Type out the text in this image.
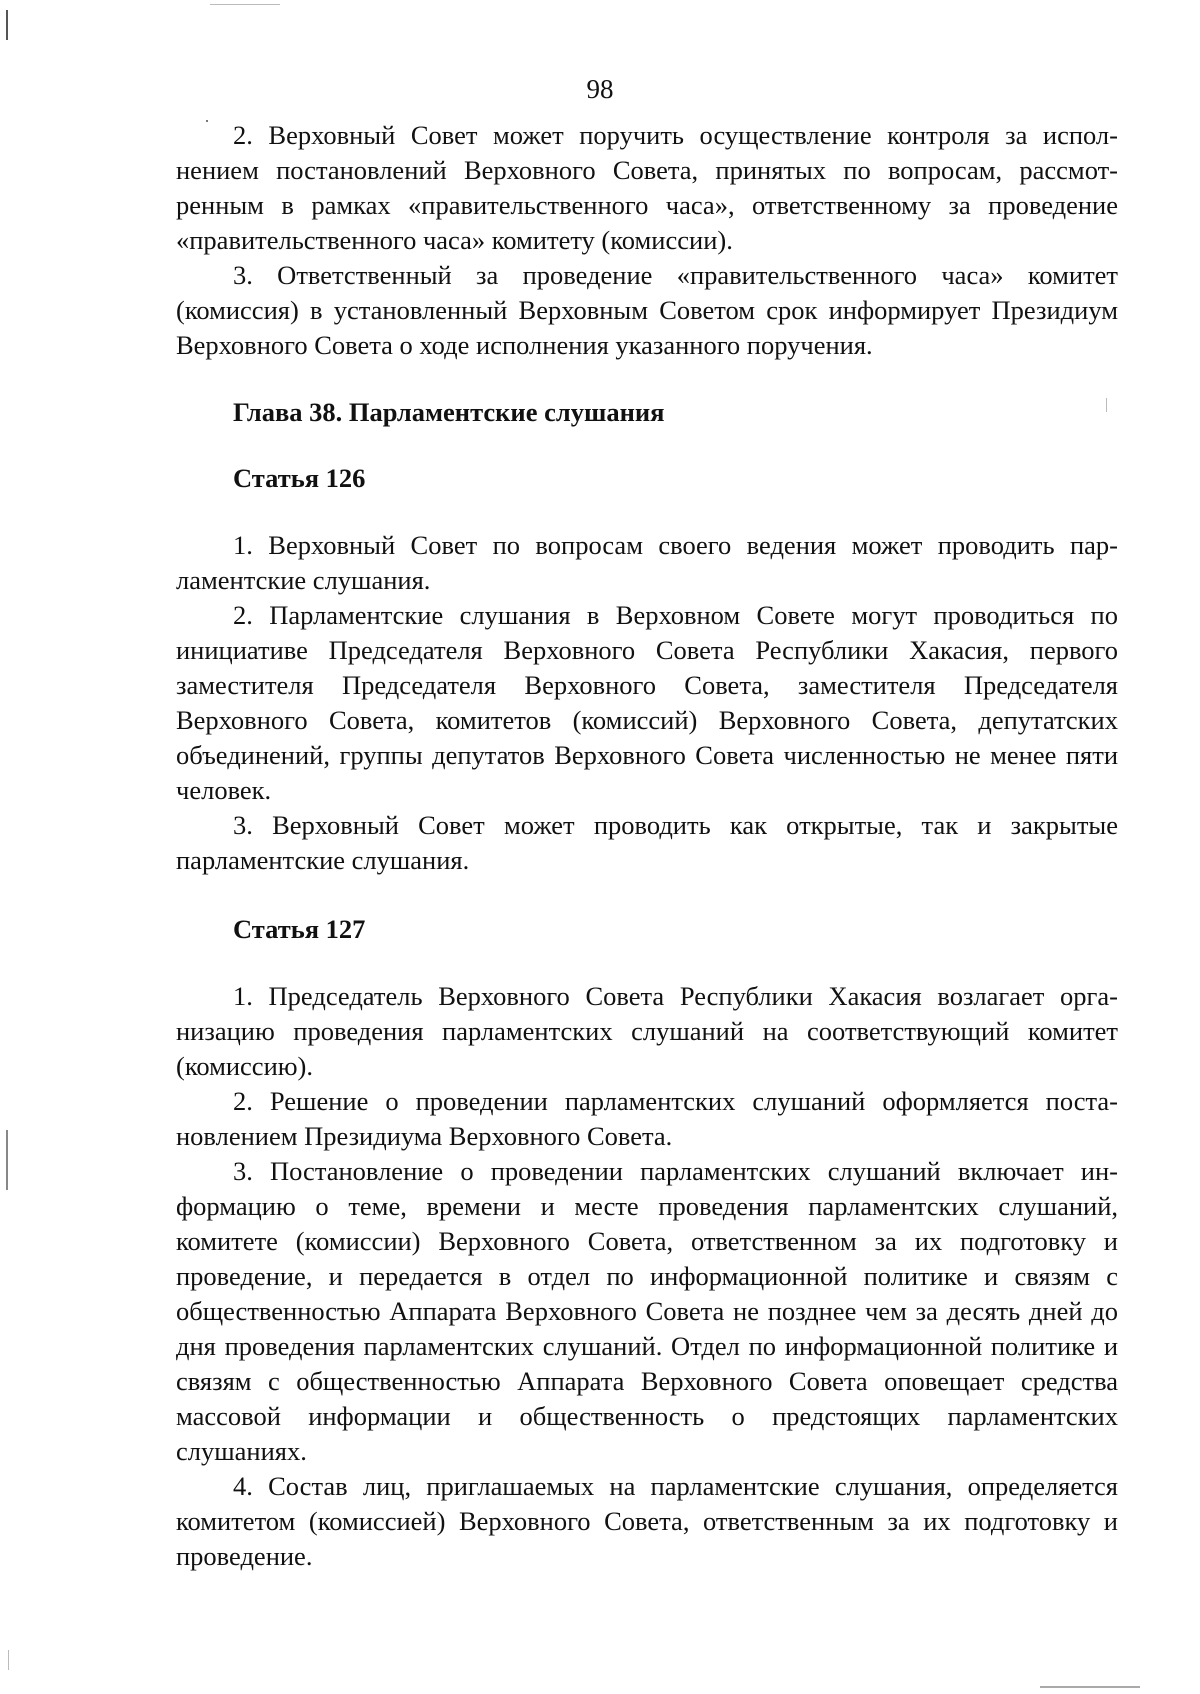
98

2. Верховный Совет может поручить осуществление контроля за исполнением постановлений Верховного Совета, принятых по вопросам, рассмотренным в рамках «правительственного часа», ответственному за проведение «правительственного часа» комитету (комиссии).

3. Ответственный за проведение «правительственного часа» комитет (комиссия) в установленный Верховным Советом срок информирует Президиум Верховного Совета о ходе исполнения указанного поручения.

Глава 38. Парламентские слушания

Статья 126

1. Верховный Совет по вопросам своего ведения может проводить парламентские слушания.

2. Парламентские слушания в Верховном Совете могут проводиться по инициативе Председателя Верховного Совета Республики Хакасия, первого заместителя Председателя Верховного Совета, заместителя Председателя Верховного Совета, комитетов (комиссий) Верховного Совета, депутатских объединений, группы депутатов Верховного Совета численностью не менее пяти человек.

3. Верховный Совет может проводить как открытые, так и закрытые парламентские слушания.

Статья 127

1. Председатель Верховного Совета Республики Хакасия возлагает организацию проведения парламентских слушаний на соответствующий комитет (комиссию).

2. Решение о проведении парламентских слушаний оформляется постановлением Президиума Верховного Совета.

3. Постановление о проведении парламентских слушаний включает информацию о теме, времени и месте проведения парламентских слушаний, комитете (комиссии) Верховного Совета, ответственном за их подготовку и проведение, и передается в отдел по информационной политике и связям с общественностью Аппарата Верховного Совета не позднее чем за десять дней до дня проведения парламентских слушаний. Отдел по информационной политике и связям с общественностью Аппарата Верховного Совета оповещает средства массовой информации и общественность о предстоящих парламентских слушаниях.

4. Состав лиц, приглашаемых на парламентские слушания, определяется комитетом (комиссией) Верховного Совета, ответственным за их подготовку и проведение.
